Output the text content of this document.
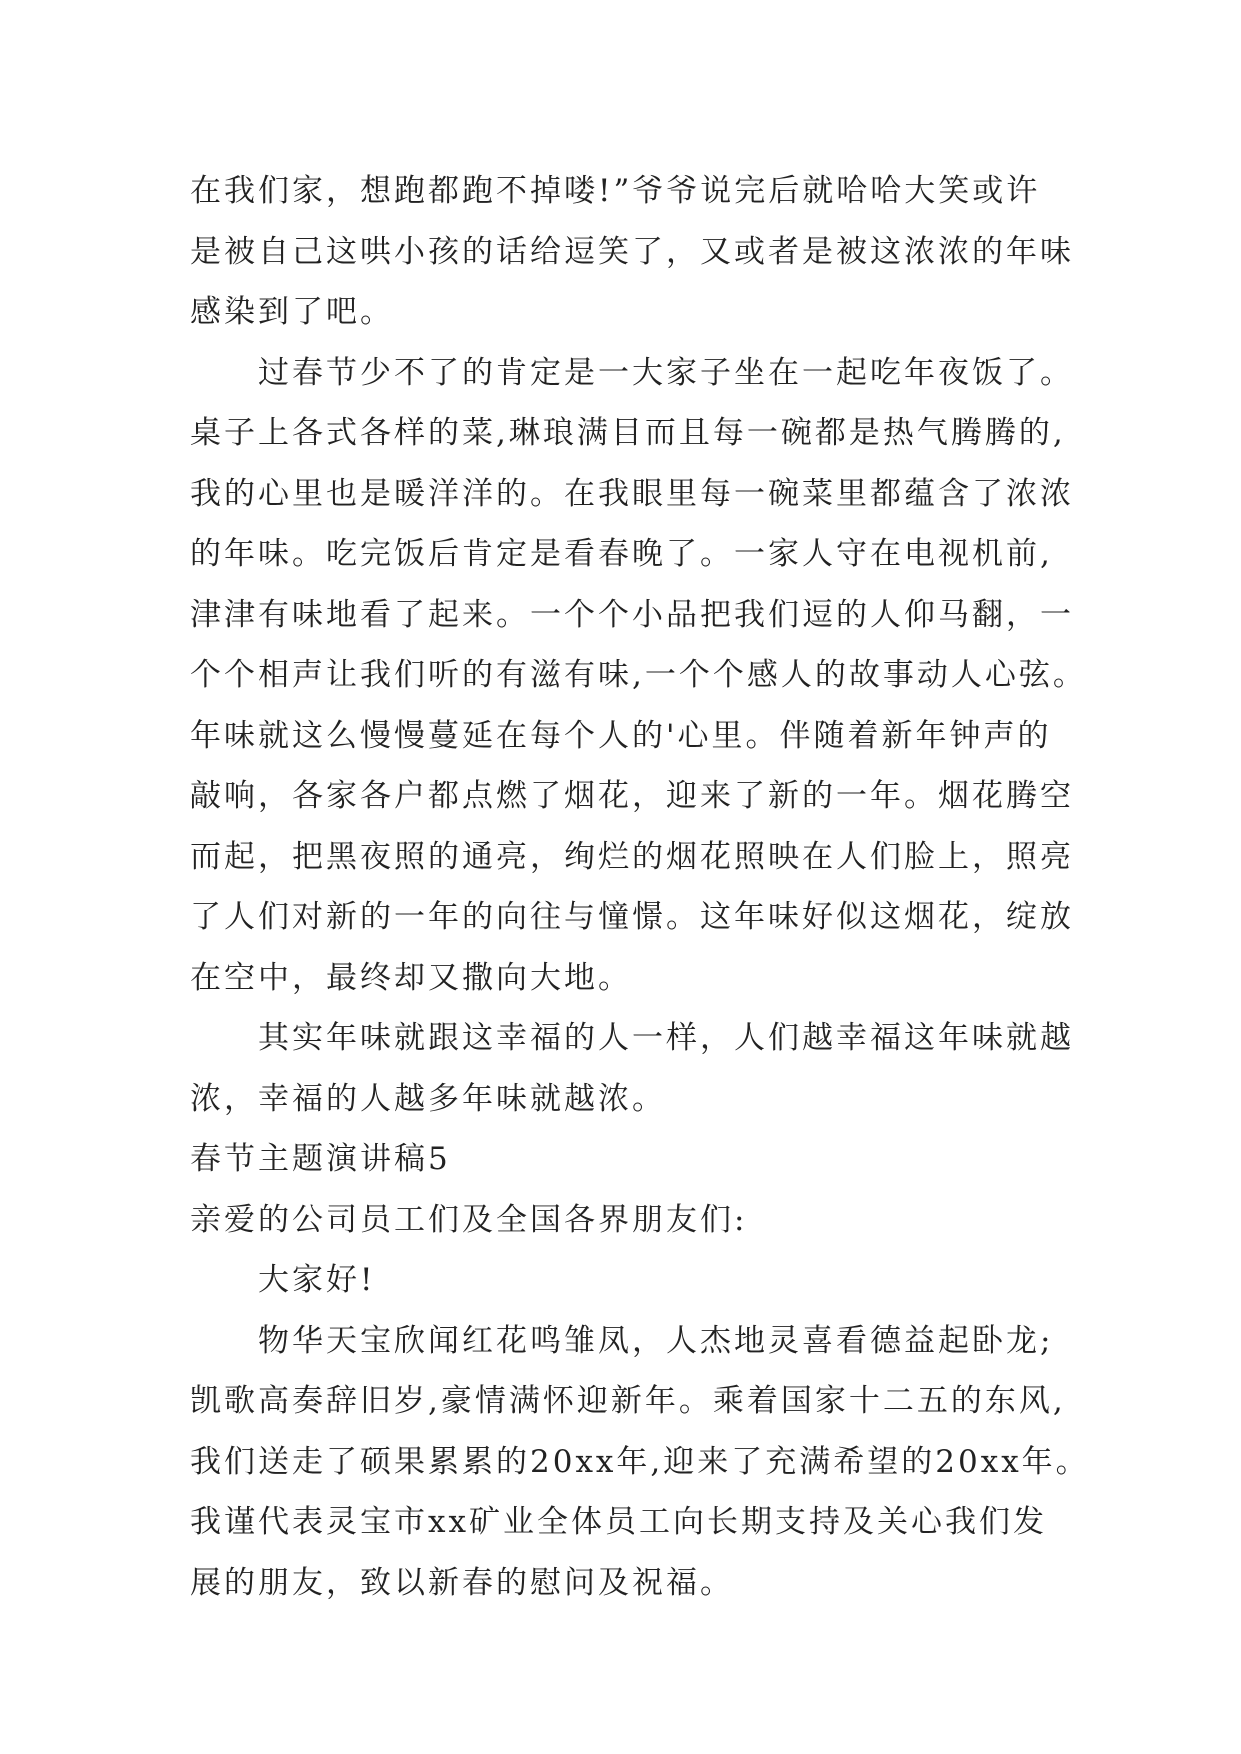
在我们家，想跑都跑不掉喽!”爷爷说完后就哈哈大笑或许
是被自己这哄小孩的话给逗笑了，又或者是被这浓浓的年味
感染到了吧。

过春节少不了的肯定是一大家子坐在一起吃年夜饭了。
桌子上各式各样的菜,琳琅满目而且每一碗都是热气腾腾的,
我的心里也是暖洋洋的。在我眼里每一碗菜里都蕴含了浓浓
的年味。吃完饭后肯定是看春晚了。一家人守在电视机前,
津津有味地看了起来。一个个小品把我们逗的人仰马翻，一
个个相声让我们听的有滋有味,一个个感人的故事动人心弦。
年味就这么慢慢蔓延在每个人的'心里。伴随着新年钟声的
敲响，各家各户都点燃了烟花，迎来了新的一年。烟花腾空
而起，把黑夜照的通亮，绚烂的烟花照映在人们脸上，照亮
了人们对新的一年的向往与憧憬。这年味好似这烟花，绽放
在空中，最终却又撒向大地。

其实年味就跟这幸福的人一样，人们越幸福这年味就越
浓，幸福的人越多年味就越浓。

春节主题演讲稿5

亲爱的公司员工们及全国各界朋友们:

大家好!

物华天宝欣闻红花鸣雏凤，人杰地灵喜看德益起卧龙;
凯歌高奏辞旧岁,豪情满怀迎新年。乘着国家十二五的东风,
我们送走了硕果累累的20xx年,迎来了充满希望的20xx年。
我谨代表灵宝市xx矿业全体员工向长期支持及关心我们发
展的朋友，致以新春的慰问及祝福。
